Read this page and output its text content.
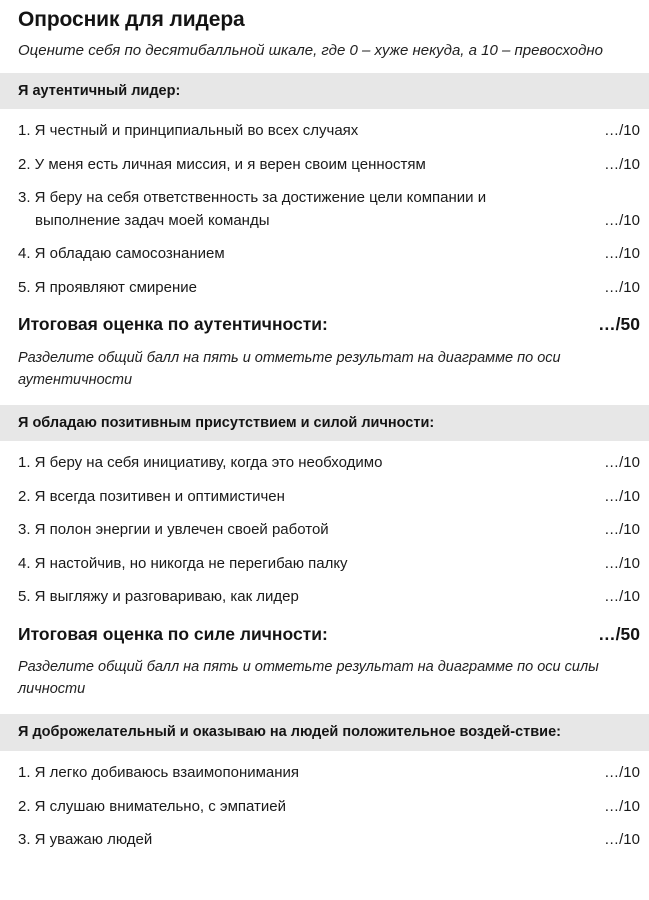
Опросник для лидера

Оцените себя по десятибалльной шкале, где 0 – хуже некуда, а 10 – превосходно

Я аутентичный лидер:
1. Я честный и принципиальный во всех случаях	…/10
2. У меня есть личная миссия, и я верен своим ценностям	…/10
3. Я беру на себя ответственность за достижение цели компании и выполнение задач моей команды	…/10
4. Я обладаю самосознанием	…/10
5. Я проявляют смирение	…/10
Итоговая оценка по аутентичности:	…/50

Разделите общий балл на пять и отметьте результат на диаграмме по оси аутентичности

Я обладаю позитивным присутствием и силой личности:
1. Я беру на себя инициативу, когда это необходимо	…/10
2. Я всегда позитивен и оптимистичен	…/10
3. Я полон энергии и увлечен своей работой	…/10
4. Я настойчив, но никогда не перегибаю палку	…/10
5. Я выгляжу и разговариваю, как лидер	…/10
Итоговая оценка по силе личности:	…/50

Разделите общий балл на пять и отметьте результат на диаграмме по оси силы личности

Я доброжелательный и оказываю на людей положительное воздей-ствие:
1. Я легко добиваюсь взаимопонимания	…/10
2. Я слушаю внимательно, с эмпатией	…/10
3. Я уважаю людей	…/10
